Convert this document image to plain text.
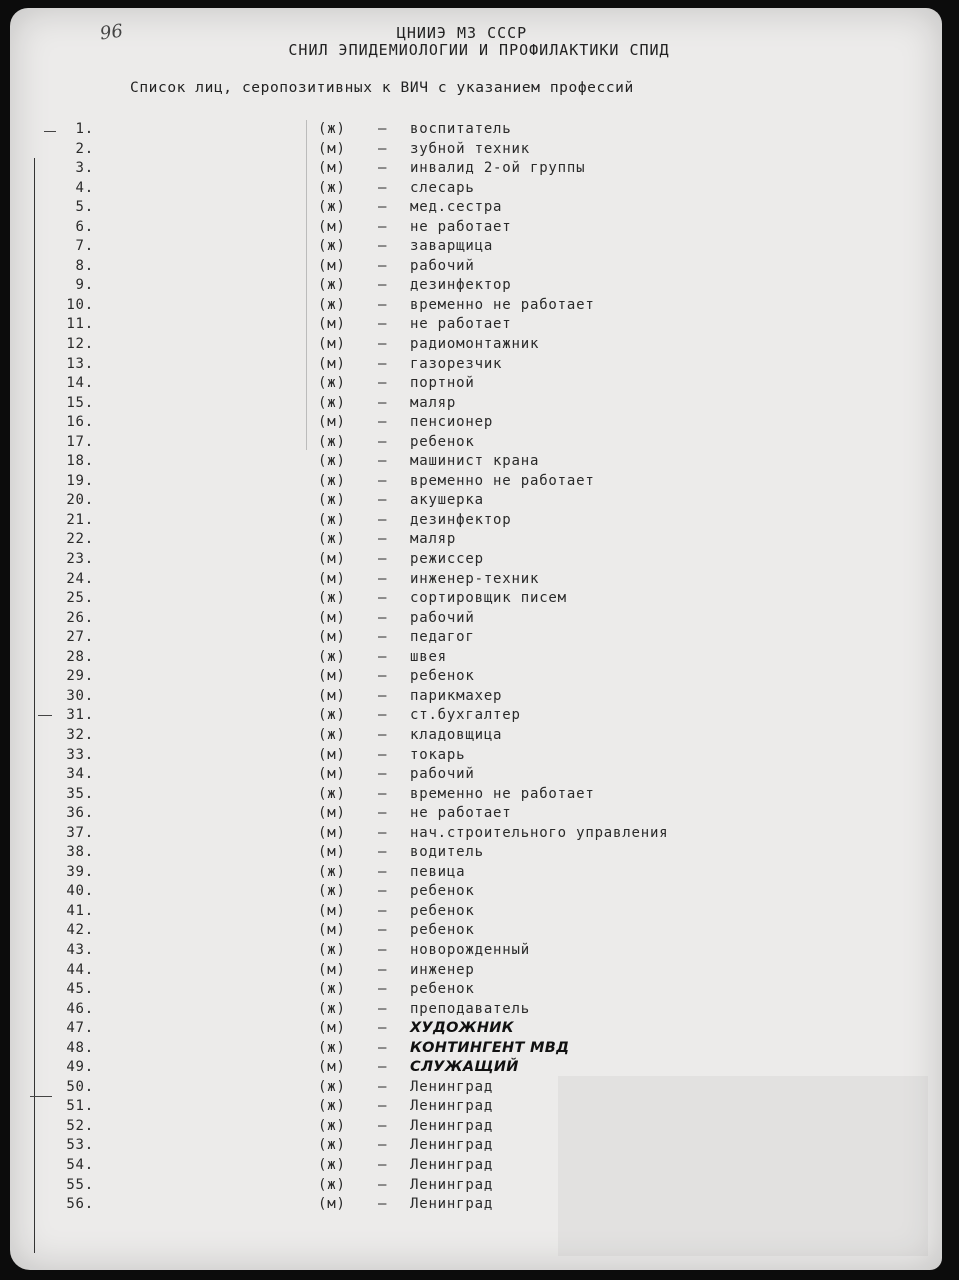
96	ЦНИИЭ МЗ СССР
СНИЛ ЭПИДЕМИОЛОГИИ И ПРОФИЛАКТИКИ СПИД
Список лиц, серопозитивных к ВИЧ с указанием профессий
1.	(ж) – воспитатель
2.	(м) – зубной техник
3.	(м) – инвалид 2-ой группы
4.	(ж) – слесарь
5.	(ж) – мед.сестра
6.	(м) – не работает
7.	(ж) – заварщица
8.	(м) – рабочий
9.	(ж) – дезинфектор
10.	(ж) – временно не работает
11.	(м) – не работает
12.	(м) – радиомонтажник
13.	(м) – газорезчик
14.	(ж) – портной
15.	(ж) – маляр
16.	(м) – пенсионер
17.	(ж) – ребенок
18.	(ж) – машинист крана
19.	(ж) – временно не работает
20.	(ж) – акушерка
21.	(ж) – дезинфектор
22.	(ж) – маляр
23.	(м) – режиссер
24.	(м) – инженер-техник
25.	(ж) – сортировщик писем
26.	(м) – рабочий
27.	(м) – педагог
28.	(ж) – швея
29.	(м) – ребенок
30.	(м) – парикмахер
31.	(ж) – ст.бухгалтер
32.	(ж) – кладовщица
33.	(м) – токарь
34.	(м) – рабочий
35.	(ж) – временно не работает
36.	(м) – не работает
37.	(м) – нач.строительного управления
38.	(м) – водитель
39.	(ж) – певица
40.	(ж) – ребенок
41.	(м) – ребенок
42.	(м) – ребенок
43.	(ж) – новорожденный
44.	(м) – инженер
45.	(ж) – ребенок
46.	(ж) – преподаватель
47.	(м) – ХУДОЖНИК
48.	(ж) – КОНТИНГЕНТ МВД
49.	(м) – СЛУЖАЩИЙ
50.	(ж) – Ленинград
51.	(ж) – Ленинград
52.	(ж) – Ленинград
53.	(ж) – Ленинград
54.	(ж) – Ленинград
55.	(ж) – Ленинград
56.	(м) – Ленинград
